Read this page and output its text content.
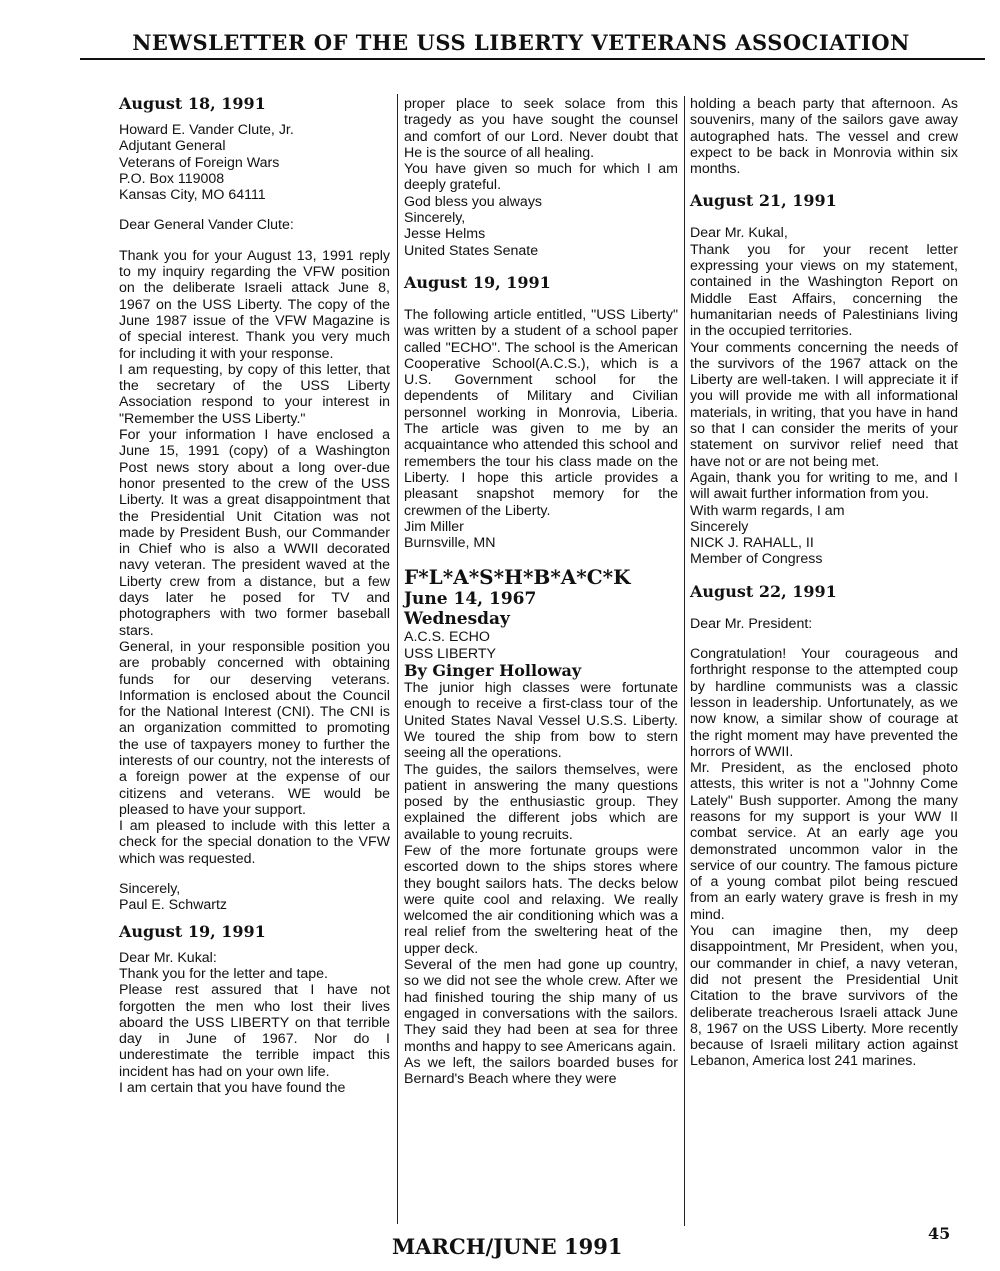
NEWSLETTER OF THE USS LIBERTY VETERANS ASSOCIATION

August 18, 1991

Howard E. Vander Clute, Jr.

Adjutant General

Veterans of Foreign Wars

P.O. Box 119008

Kansas City, MO 64111

Dear General Vander Clute:

Thank you for your August 13, 1991 reply to my inquiry regarding the VFW position on the deliberate Israeli attack June 8, 1967 on the USS Liberty. The copy of the June 1987 issue of the VFW Magazine is of special interest. Thank you very much for including it with your response.

I am requesting, by copy of this letter, that the secretary of the USS Liberty Association respond to your interest in "Remember the USS Liberty."

For your information I have enclosed a June 15, 1991 (copy) of a Washington Post news story about a long over-due honor presented to the crew of the USS Liberty. It was a great disappointment that the Presidential Unit Citation was not made by President Bush, our Commander in Chief who is also a WWII decorated navy veteran. The president waved at the Liberty crew from a distance, but a few days later he posed for TV and photographers with two former baseball stars.

General, in your responsible position you are probably concerned with obtaining funds for our deserving veterans. Information is enclosed about the Council for the National Interest (CNI). The CNI is an organization committed to promoting the use of taxpayers money to further the interests of our country, not the interests of a foreign power at the expense of our citizens and veterans. WE would be pleased to have your support.

I am pleased to include with this letter a check for the special donation to the VFW which was requested.

Sincerely,

Paul E. Schwartz

August 19, 1991

Dear Mr. Kukal:

Thank you for the letter and tape.

Please rest assured that I have not forgotten the men who lost their lives aboard the USS LIBERTY on that terrible day in June of 1967. Nor do I underestimate the terrible impact this incident has had on your own life.

I am certain that you have found the

proper place to seek solace from this tragedy as you have sought the counsel and comfort of our Lord. Never doubt that He is the source of all healing.

You have given so much for which I am deeply grateful.

God bless you always

Sincerely,

Jesse Helms

United States Senate

August 19, 1991

The following article entitled, "USS Liberty" was written by a student of a school paper called "ECHO". The school is the American Cooperative School(A.C.S.), which is a U.S. Government school for the dependents of Military and Civilian personnel working in Monrovia, Liberia. The article was given to me by an acquaintance who attended this school and remembers the tour his class made on the Liberty. I hope this article provides a pleasant snapshot memory for the crewmen of the Liberty.

Jim Miller

Burnsville, MN

F*L*A*S*H*B*A*C*K

June 14, 1967

Wednesday

A.C.S. ECHO

USS LIBERTY

By Ginger Holloway

The junior high classes were fortunate enough to receive a first-class tour of the United States Naval Vessel U.S.S. Liberty. We toured the ship from bow to stern seeing all the operations.

The guides, the sailors themselves, were patient in answering the many questions posed by the enthusiastic group. They explained the different jobs which are available to young recruits.

Few of the more fortunate groups were escorted down to the ships stores where they bought sailors hats. The decks below were quite cool and relaxing. We really welcomed the air conditioning which was a real relief from the sweltering heat of the upper deck.

Several of the men had gone up country, so we did not see the whole crew. After we had finished touring the ship many of us engaged in conversations with the sailors. They said they had been at sea for three months and happy to see Americans again.

As we left, the sailors boarded buses for Bernard's Beach where they were

holding a beach party that afternoon. As souvenirs, many of the sailors gave away autographed hats. The vessel and crew expect to be back in Monrovia within six months.

August 21, 1991

Dear Mr. Kukal,

Thank you for your recent letter expressing your views on my statement, contained in the Washington Report on Middle East Affairs, concerning the humanitarian needs of Palestinians living in the occupied territories.

Your comments concerning the needs of the survivors of the 1967 attack on the Liberty are well-taken. I will appreciate it if you will provide me with all informational materials, in writing, that you have in hand so that I can consider the merits of your statement on survivor relief need that have not or are not being met.

Again, thank you for writing to me, and I will await further information from you.

With warm regards, I am

Sincerely

NICK J. RAHALL, II

Member of Congress

August 22, 1991

Dear Mr. President:

Congratulation! Your courageous and forthright response to the attempted coup by hardline communists was a classic lesson in leadership. Unfortunately, as we now know, a similar show of courage at the right moment may have prevented the horrors of WWII.

Mr. President, as the enclosed photo attests, this writer is not a "Johnny Come Lately" Bush supporter. Among the many reasons for my support is your WW II combat service. At an early age you demonstrated uncommon valor in the service of our country. The famous picture of a young combat pilot being rescued from an early watery grave is fresh in my mind.

You can imagine then, my deep disappointment, Mr President, when you, our commander in chief, a navy veteran, did not present the Presidential Unit Citation to the brave survivors of the deliberate treacherous Israeli attack June 8, 1967 on the USS Liberty. More recently because of Israeli military action against Lebanon, America lost 241 marines.

MARCH/JUNE 1991
45
